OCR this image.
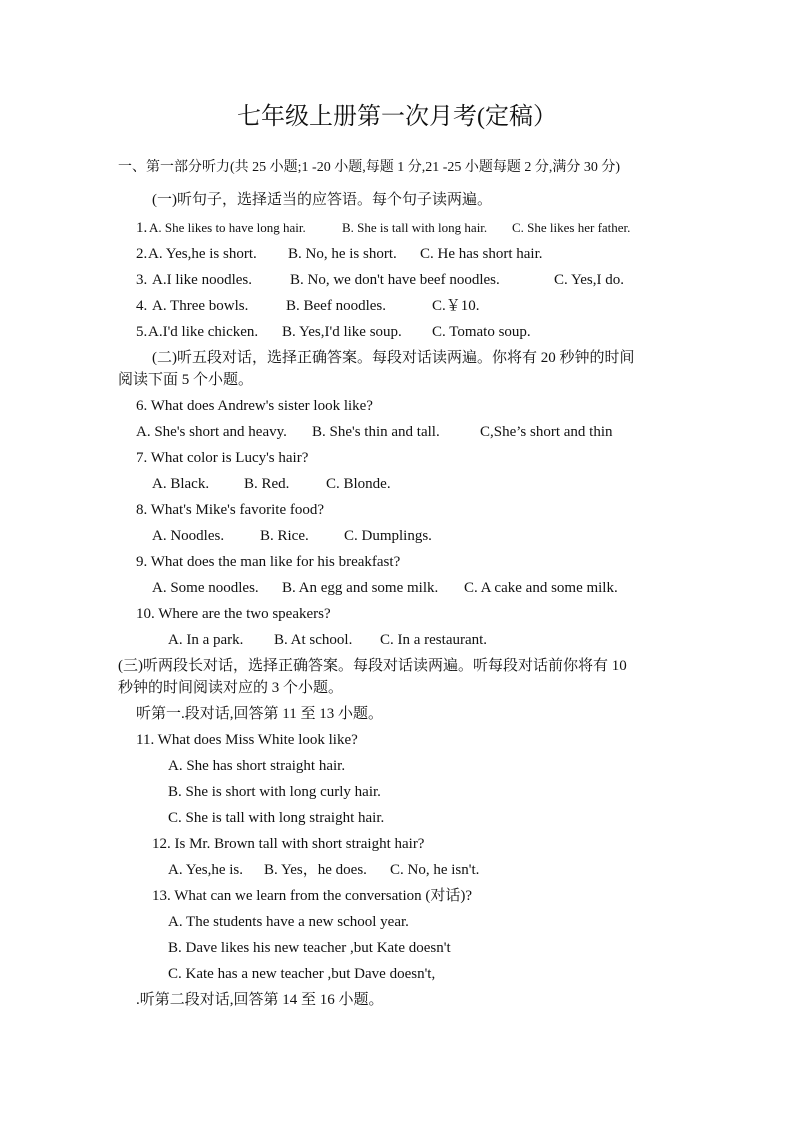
七年级上册第一次月考(定稿）
一、第一部分听力(共 25 小题;1 -20 小题,每题 1 分,21 -25 小题每题 2 分,满分 30 分)
(一)听句子，选择适当的应答语。每个句子读两遍。
1. A. She likes to have long hair.	B. She is tall with long hair. C. She likes her father.
2. A. Yes,he is short. B. No, he is short. C. He has short hair.
3. A.I like noodles.	B. No, we don't have beef noodles.	C. Yes,I do.
4. A. Three bowls.	B. Beef noodles.	C.￥10.
5. A.I'd like chicken. B. Yes,I'd like soup. C. Tomato soup.
(二)听五段对话，选择正确答案。每段对话读两遍。你将有 20 秒钟的时间
阅读下面 5 个小题。
6. What does Andrew's sister look like?
A. She's short and heavy. B. She's thin and tall.	C,She’s short and thin
7. What color is Lucy's hair?
A. Black. B. Red. C. Blonde.
8. What's Mike's favorite food?
A. Noodles. B. Rice. C. Dumplings.
9. What does the man like for his breakfast?
A. Some noodles. B. An egg and some milk. C. A cake and some milk.
10. Where are the two speakers?
A. In a park. B. At school. C. In a restaurant.
(三)听两段长对话，选择正确答案。每段对话读两遍。听每段对话前你将有 10
秒钟的时间阅读对应的 3 个小题。
听第一.段对话,回答第 11 至 13 小题。
11. What does Miss White look like?
A. She has short straight hair.
B. She is short with long curly hair.
C. She is tall with long straight hair.
12. Is Mr. Brown tall with short straight hair?
A. Yes,he is. B. Yes，he does. C. No, he isn't.
13. What can we learn from the conversation (对话)?
A. The students have a new school year.
B. Dave likes his new teacher ,but Kate doesn't
C. Kate has a new teacher ,but Dave doesn't,
.听第二段对话,回答第 14 至 16 小题。
